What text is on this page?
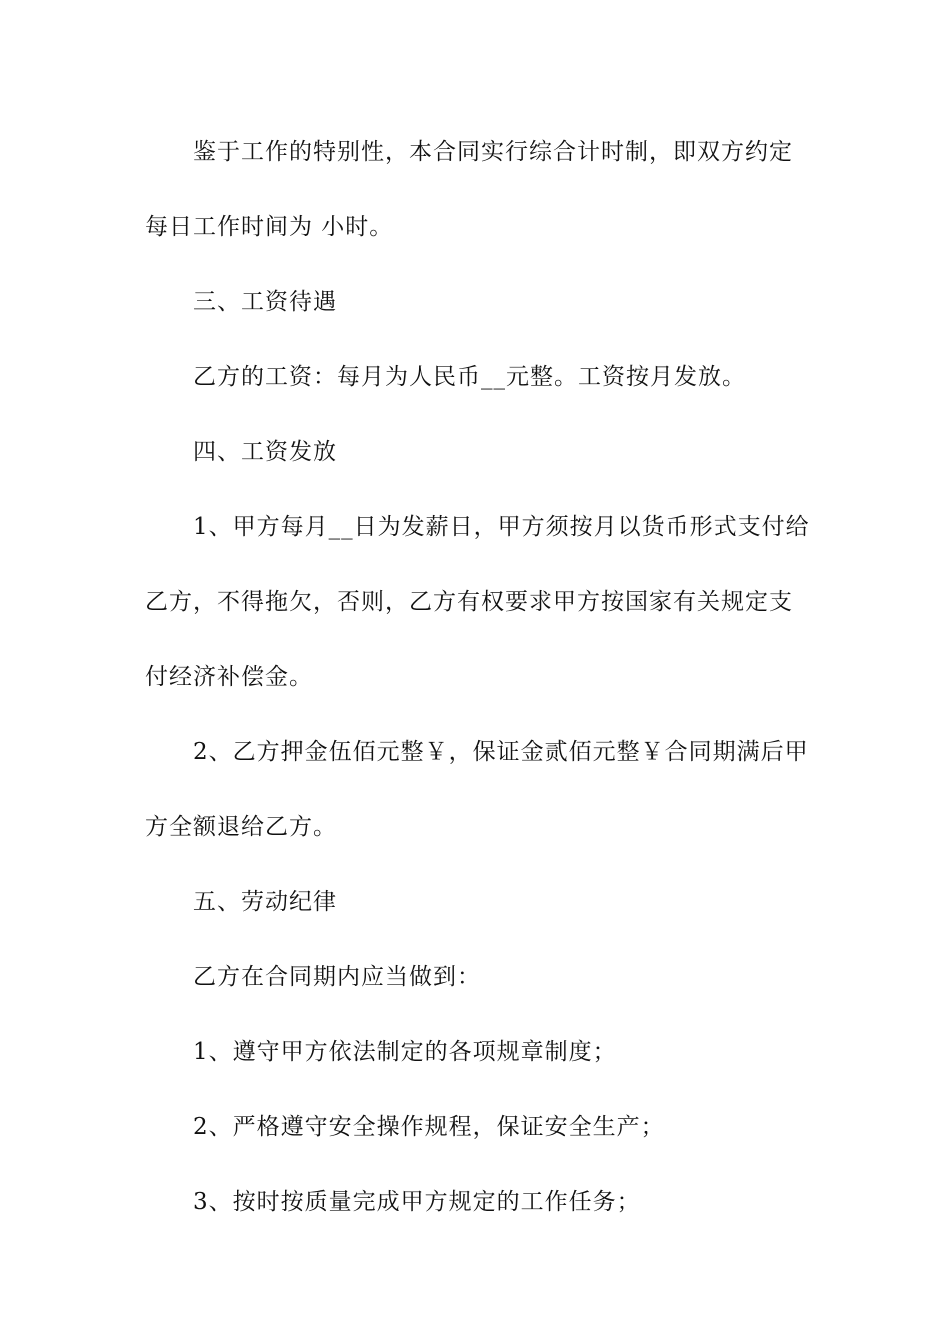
鉴于工作的特别性，本合同实行综合计时制，即双方约定
每日工作时间为 小时。
三、工资待遇
乙方的工资：每月为人民币__元整。工资按月发放。
四、工资发放
1、甲方每月__日为发薪日，甲方须按月以货币形式支付给
乙方，不得拖欠，否则，乙方有权要求甲方按国家有关规定支
付经济补偿金。
2、乙方押金伍佰元整￥，保证金贰佰元整￥合同期满后甲
方全额退给乙方。
五、劳动纪律
乙方在合同期内应当做到：
1、遵守甲方依法制定的各项规章制度；
2、严格遵守安全操作规程，保证安全生产；
3、按时按质量完成甲方规定的工作任务；
